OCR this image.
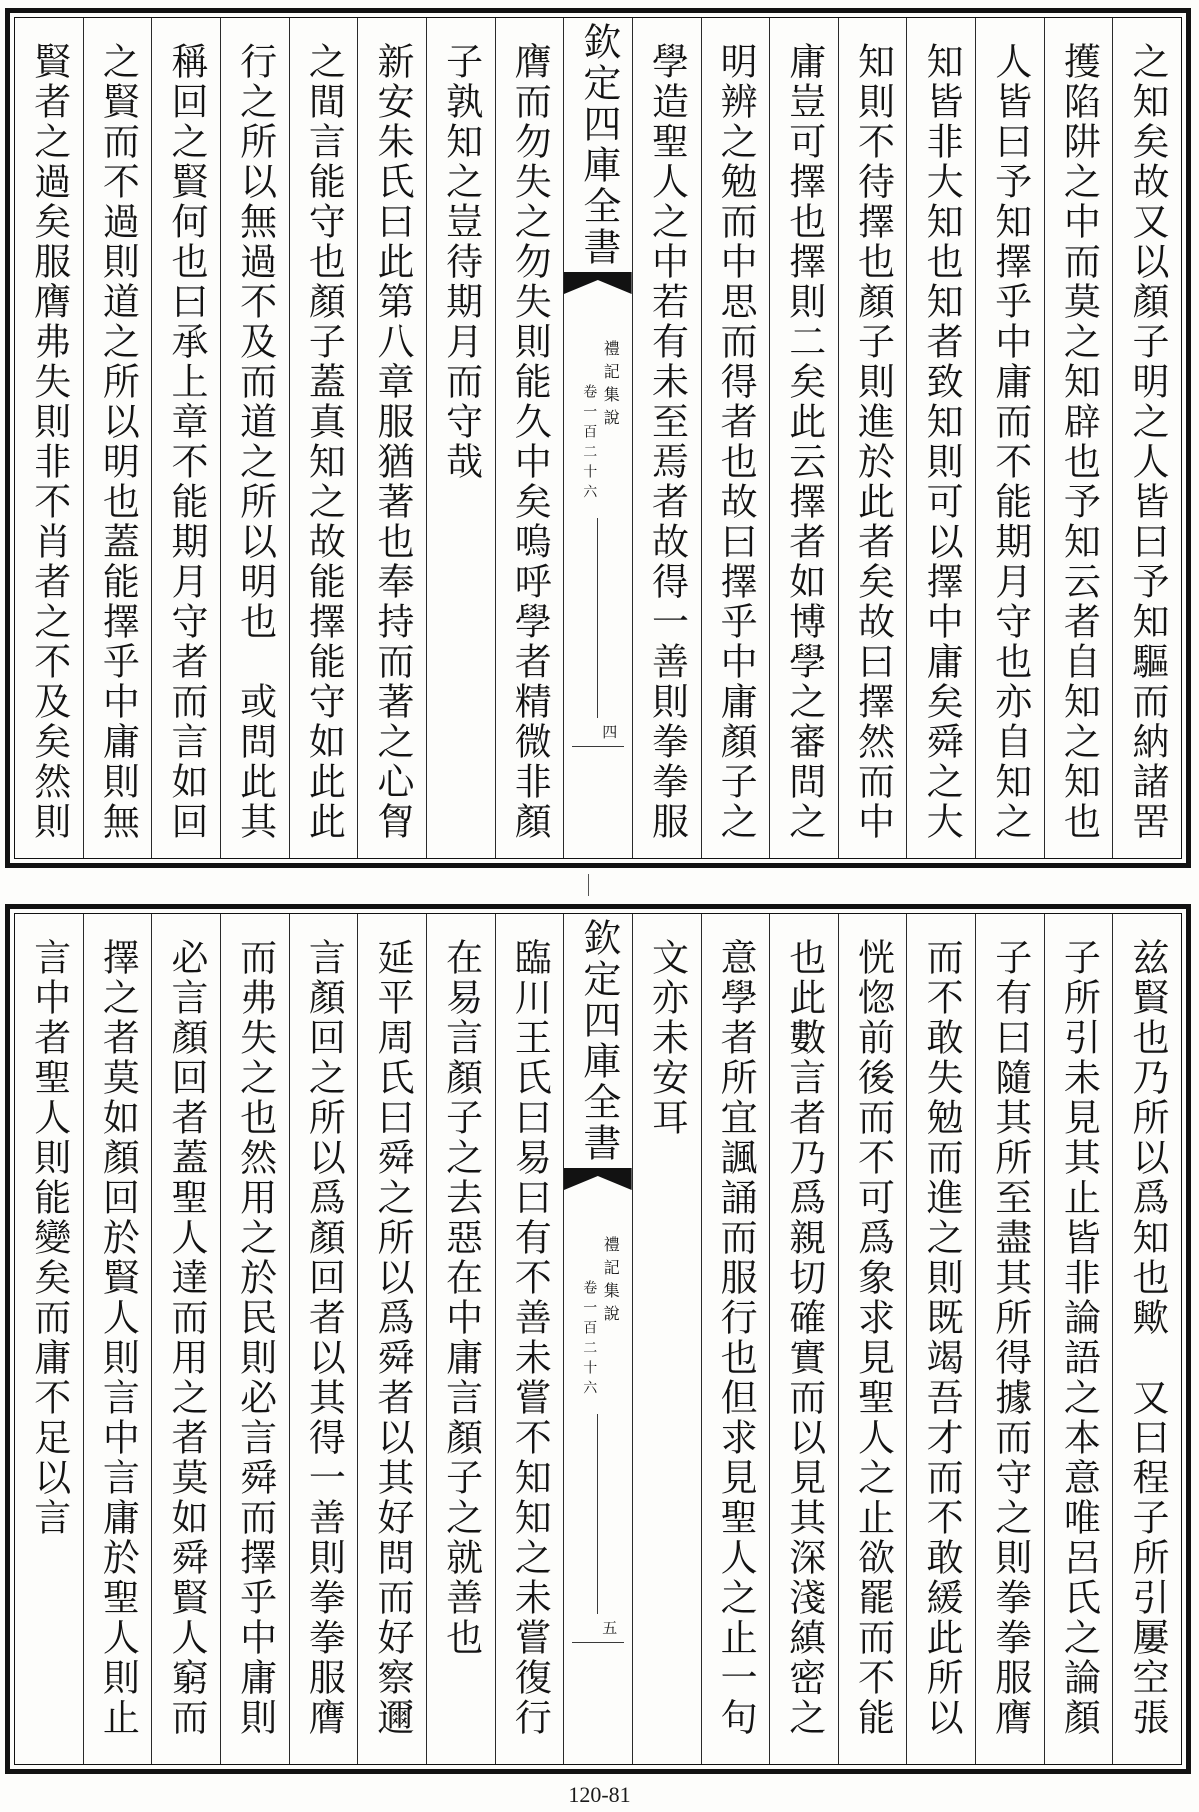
之知矣故又以顏子明之人皆曰予知驅而納諸罟
擭陷阱之中而莫之知辟也予知云者自知之知也
人皆曰予知擇乎中庸而不能期月守也亦自知之
知皆非大知也知者致知則可以擇中庸矣舜之大
知則不待擇也顏子則進於此者矣故曰擇然而中
庸豈可擇也擇則二矣此云擇者如博學之審問之
明辨之勉而中思而得者也故曰擇乎中庸顏子之
學造聖人之中若有未至焉者故得一善則拳拳服
欽定四庫全書
禮記集說
卷一百二十六
四
膺而勿失之勿失則能久中矣嗚呼學者精微非顏
子孰知之豈待期月而守哉
新安朱氏曰此第八章服猶著也奉持而著之心胷
之間言能守也顏子蓋真知之故能擇能守如此此
行之所以無過不及而道之所以明也　或問此其
稱回之賢何也曰承上章不能期月守者而言如回
之賢而不過則道之所以明也蓋能擇乎中庸則無
賢者之過矣服膺弗失則非不肖者之不及矣然則
兹賢也乃所以爲知也歟　又曰程子所引屢空張
子所引未見其止皆非論語之本意唯呂氏之論顏
子有曰隨其所至盡其所得據而守之則拳拳服膺
而不敢失勉而進之則既竭吾才而不敢緩此所以
恍惚前後而不可爲象求見聖人之止欲罷而不能
也此數言者乃爲親切確實而以見其深淺縝密之
意學者所宜諷誦而服行也但求見聖人之止一句
文亦未安耳
欽定四庫全書
禮記集說
卷一百二十六
五
臨川王氏曰易曰有不善未嘗不知知之未嘗復行
在易言顏子之去惡在中庸言顏子之就善也
延平周氏曰舜之所以爲舜者以其好問而好察邇
言顏回之所以爲顏回者以其得一善則拳拳服膺
而弗失之也然用之於民則必言舜而擇乎中庸則
必言顏回者蓋聖人達而用之者莫如舜賢人窮而
擇之者莫如顏回於賢人則言中言庸於聖人則止
言中者聖人則能變矣而庸不足以言
120-81
